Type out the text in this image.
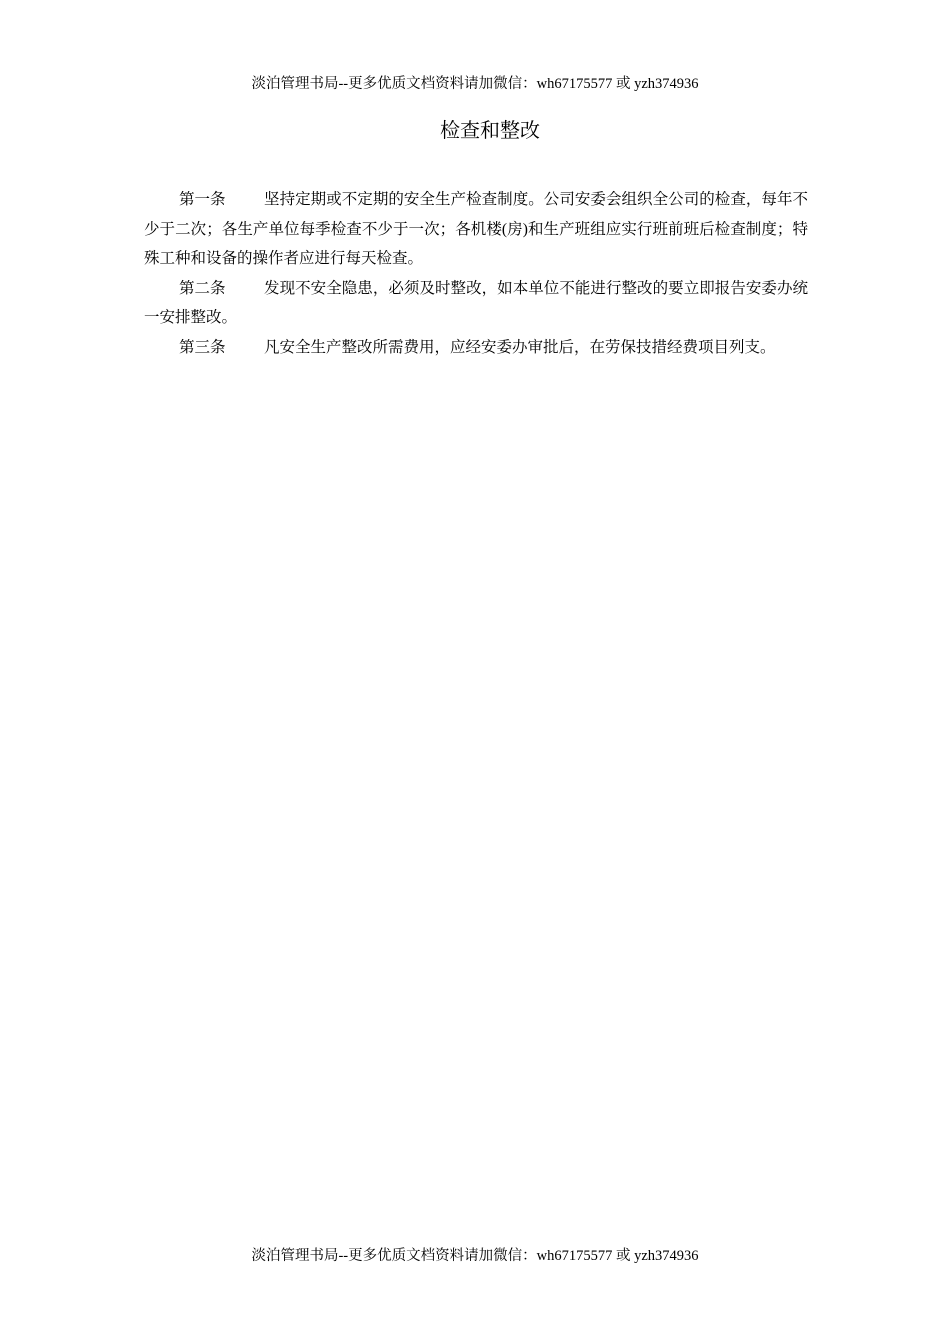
淡泊管理书局--更多优质文档资料请加微信：wh67175577 或 yzh374936
检查和整改

第一条 坚持定期或不定期的安全生产检查制度。公司安委会组织全公司的检查，每年不少于二次；各生产单位每季检查不少于一次；各机楼(房)和生产班组应实行班前班后检查制度；特殊工种和设备的操作者应进行每天检查。

第二条 发现不安全隐患，必须及时整改，如本单位不能进行整改的要立即报告安委办统一安排整改。

第三条 凡安全生产整改所需费用，应经安委办审批后，在劳保技措经费项目列支。

淡泊管理书局--更多优质文档资料请加微信：wh67175577 或 yzh374936
